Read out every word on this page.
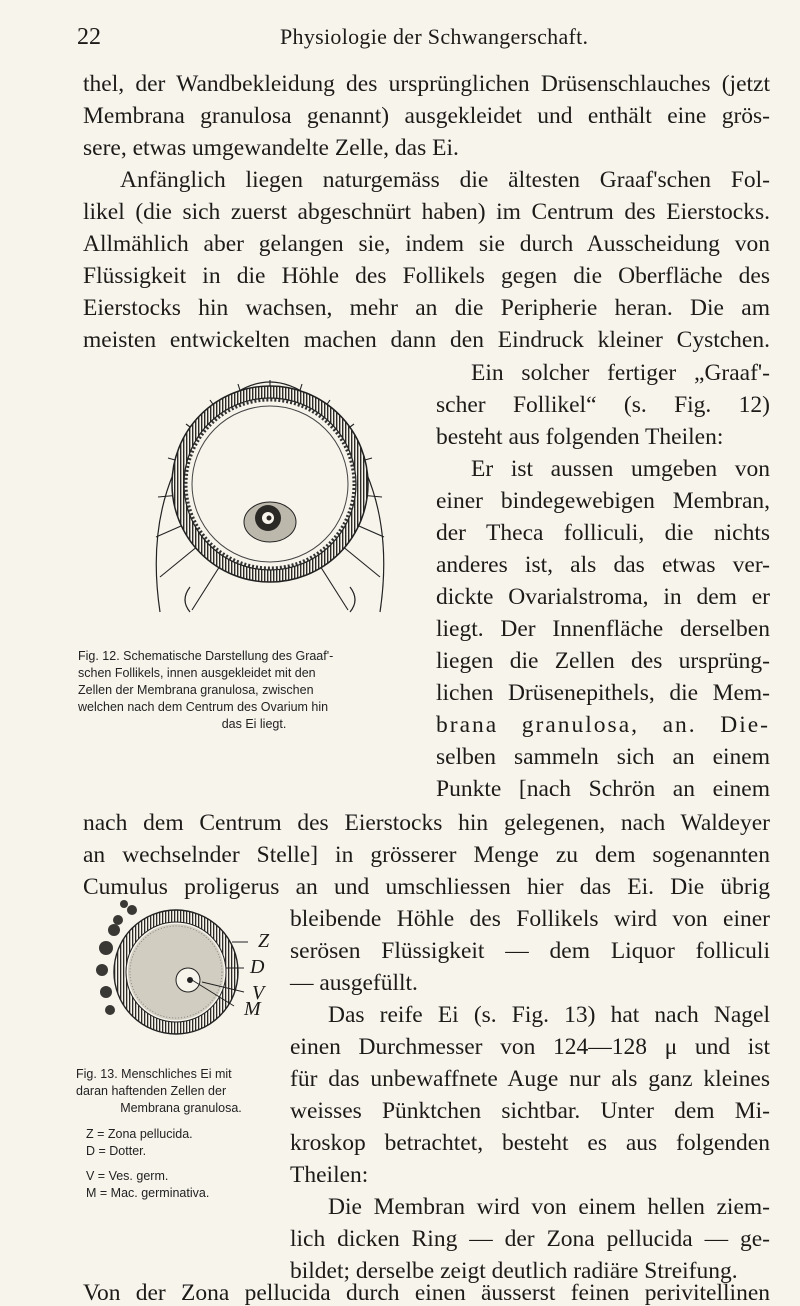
22	Physiologie der Schwangerschaft.
thel, der Wandbekleidung des ursprünglichen Drüsenschlauches (jetzt
Membrana granulosa genannt) ausgekleidet und enthält eine grös-
sere, etwas umgewandelte Zelle, das Ei.
Anfänglich liegen naturgemäss die ältesten Graaf'schen Fol-
likel (die sich zuerst abgeschnürt haben) im Centrum des Eierstocks.
Allmählich aber gelangen sie, indem sie durch Ausscheidung von
Flüssigkeit in die Höhle des Follikels gegen die Oberfläche des
Eierstocks hin wachsen, mehr an die Peripherie heran. Die am
meisten entwickelten machen dann den Eindruck kleiner Cystchen.
Fig. 12. Schematische Darstellung des Graaf'-
schen Follikels, innen ausgekleidet mit den
Zellen der Membrana granulosa, zwischen
welchen nach dem Centrum des Ovarium hin
das Ei liegt.
Ein solcher fertiger „Graaf'-
scher Follikel“ (s. Fig. 12)
besteht aus folgenden Theilen:
Er ist aussen umgeben von
einer bindegewebigen Membran,
der Theca folliculi, die nichts
anderes ist, als das etwas ver-
dickte Ovarialstroma, in dem er
liegt. Der Innenfläche derselben
liegen die Zellen des ursprüng-
lichen Drüsenepithels, die Mem-
brana granulosa, an. Die-
selben sammeln sich an einem
Punkte [nach Schrön an einem
nach dem Centrum des Eierstocks hin gelegenen, nach Waldeyer
an wechselnder Stelle] in grösserer Menge zu dem sogenannten
Cumulus proligerus an und umschliessen hier das Ei. Die übrig
Z
D
V
M
Fig. 13. Menschliches Ei mit
daran haftenden Zellen der
Membrana granulosa.
Z = Zona pellucida.
D = Dotter.
V = Ves. germ.
M = Mac. germinativa.
bleibende Höhle des Follikels wird von einer
serösen Flüssigkeit — dem Liquor folliculi
— ausgefüllt.
Das reife Ei (s. Fig. 13) hat nach Nagel
einen Durchmesser von 124—128 μ und ist
für das unbewaffnete Auge nur als ganz kleines
weisses Pünktchen sichtbar. Unter dem Mi-
kroskop betrachtet, besteht es aus folgenden
Theilen:
Die Membran wird von einem hellen ziem-
lich dicken Ring — der Zona pellucida — ge-
bildet; derselbe zeigt deutlich radiäre Streifung.
Von der Zona pellucida durch einen äusserst feinen perivitellinen
